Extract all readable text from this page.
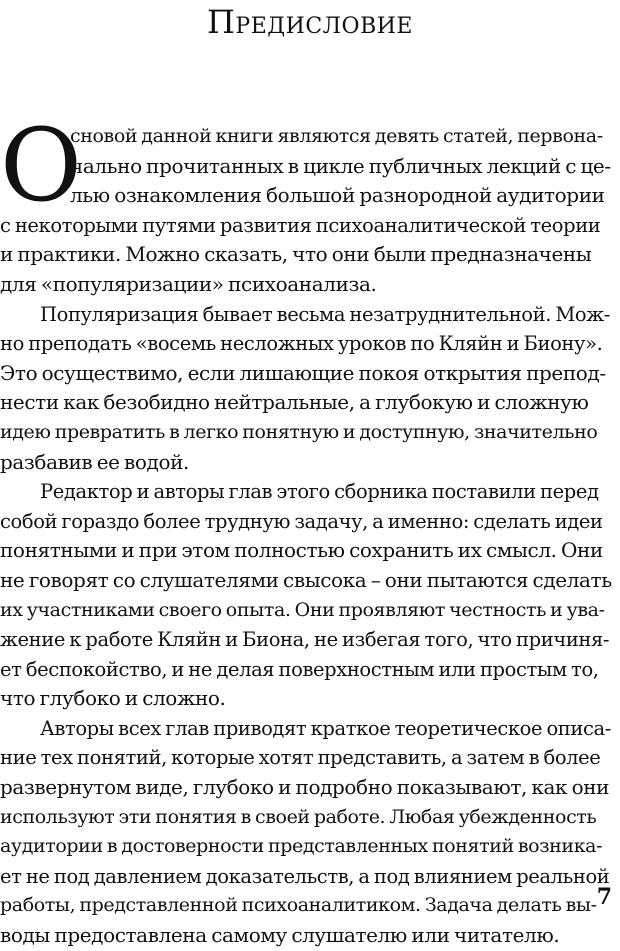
Предисловие
О
сновой данной книги являются девять статей, первона-
чально прочитанных в цикле публичных лекций с це-
лью ознакомления большой разнородной аудитории
с некоторыми путями развития психоаналитической теории
и практики. Можно сказать, что они были предназначены
для «популяризации» психоанализа.
Популяризация бывает весьма незатруднительной. Мож-
но преподать «восемь несложных уроков по Кляйн и Биону».
Это осуществимо, если лишающие покоя открытия препод-
нести как безобидно нейтральные, а глубокую и сложную
идею превратить в легко понятную и доступную, значительно
разбавив ее водой.
Редактор и авторы глав этого сборника поставили перед
собой гораздо более трудную задачу, а именно: сделать идеи
понятными и при этом полностью сохранить их смысл. Они
не говорят со слушателями свысока – они пытаются сделать
их участниками своего опыта. Они проявляют честность и ува-
жение к работе Кляйн и Биона, не избегая того, что причиня-
ет беспокойство, и не делая поверхностным или простым то,
что глубоко и сложно.
Авторы всех глав приводят краткое теоретическое описа-
ние тех понятий, которые хотят представить, а затем в более
развернутом виде, глубоко и подробно показывают, как они
используют эти понятия в своей работе. Любая убежденность
аудитории в достоверности представленных понятий возника-
ет не под давлением доказательств, а под влиянием реальной
работы, представленной психоаналитиком. Задача делать вы-
воды предоставлена самому слушателю или читателю.
7
